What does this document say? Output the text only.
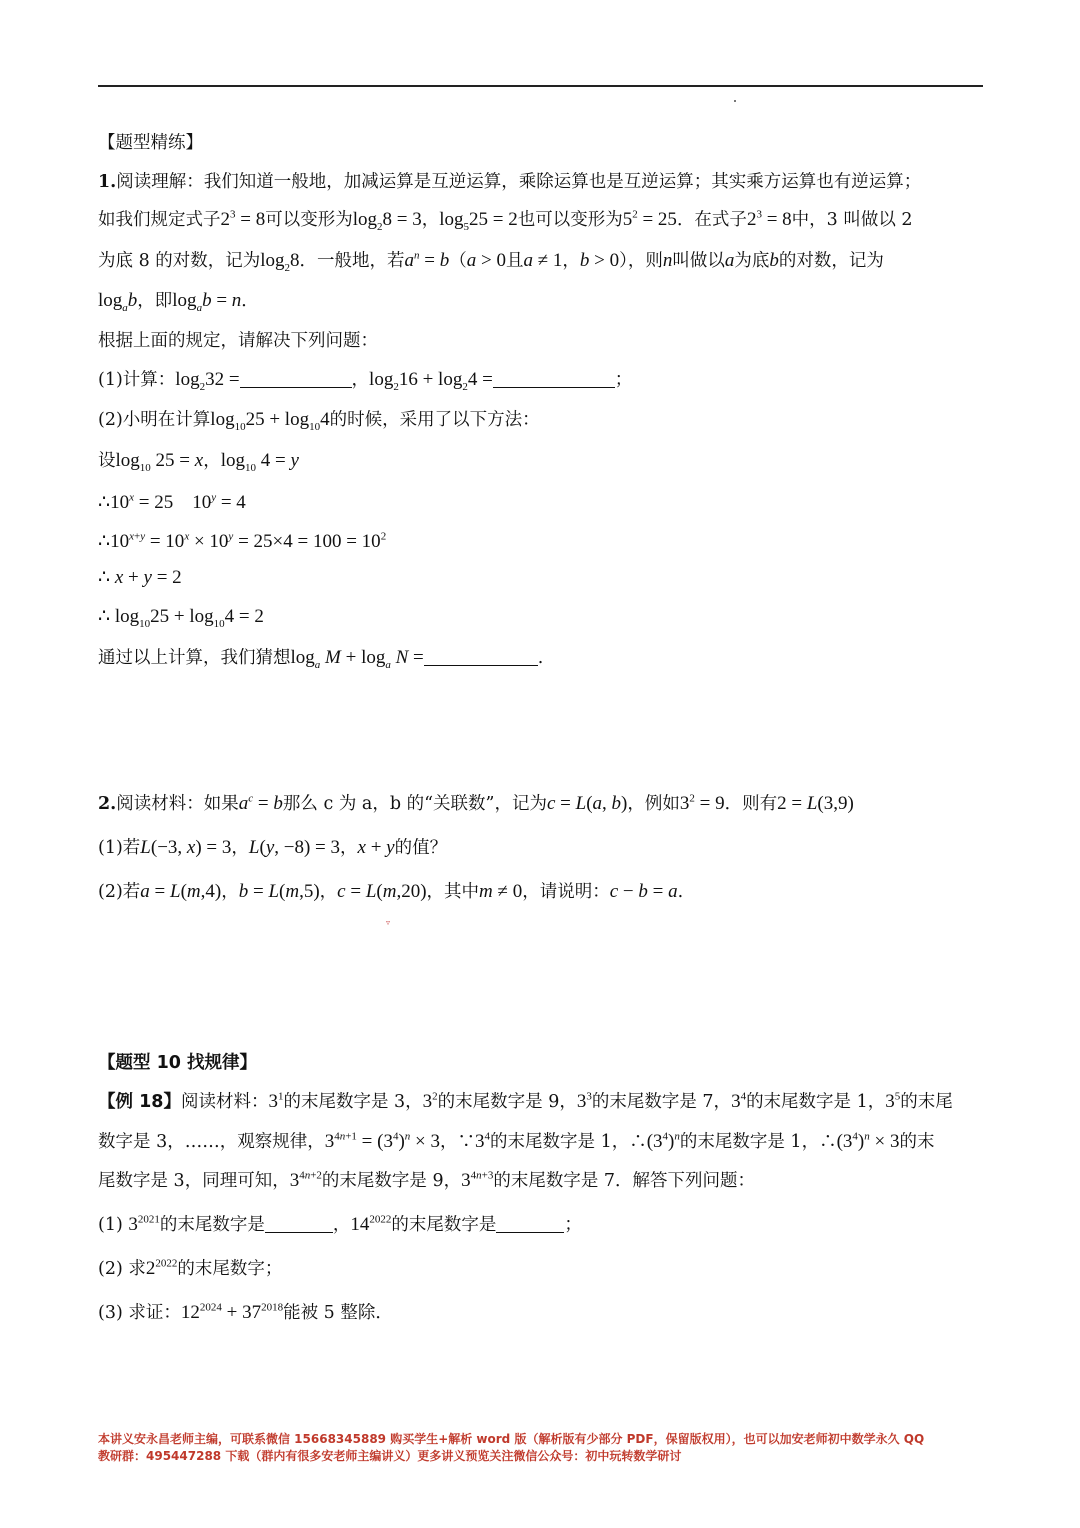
【题型精练】
1.阅读理解：我们知道一般地，加减运算是互逆运算，乘除运算也是互逆运算；其实乘方运算也有逆运算；
如我们规定式子$2^3 = 8$可以变形为$\log_28 = 3$，$\log_525 = 2$也可以变形为$5^2 = 25$．在式子$2^3 = 8$中，3 叫做以 2
为底 8 的对数，记为$\log_28$．一般地，若$a^n = b(a > 0$且a ≠ 1，b > 0），则n叫做以a为底b的对数，记为
$\log_ab$，即$\log_ab = n$．
根据上面的规定，请解决下列问题：
(1)计算：$\log_232$ =	，$\log_216 + \log_24$ =	；
(2)小明在计算$\log_{10}25 + \log_{10}4$的时候，采用了以下方法：
设$\log_{10} 25 = x$，$\log_{10} 4 = y$
$\therefore 10^x = 25$    $10^y = 4$
$\therefore 10^{x+y} = 10^x \times 10^y = 25\times 4 = 100 = 10^2$
∴ x + y = 2
∴ $\log_{10}25 + \log_{10}4 = 2$
通过以上计算，我们猜想$\log_a M + \log_a N$ =	.
2.阅读材料：如果$a^c = b$那么 c 为 a，b 的“关联数”，记为c = L(a, b)，例如$3^2 = 9$．则有2 = L(3,9)
(1)若L(−3, x) = 3，L(y, −8) = 3，x + y的值？
(2)若a = L(m,4)，b = L(m,5)，c = L(m,20)，其中m ≠ 0，请说明：c − b = a.
▿
【题型 10 找规律】
【例 18】阅读材料：$3^1$的末尾数字是 3，$3^2$的末尾数字是 9，$3^3$的末尾数字是 7，$3^4$的末尾数字是 1，$3^5$的末尾
数字是 3，……，观察规律，$3^{4n+1} = (3^4)^n \times 3$，$\because 3^4$的末尾数字是 1，$\therefore(3^4)^n$的末尾数字是 1，$\therefore(3^4)^n \times 3$的末
尾数字是 3，同理可知，$3^{4n+2}$的末尾数字是 9，$3^{4n+3}$的末尾数字是 7．解答下列问题：
(1) $3^{2021}$的末尾数字是	，$14^{2022}$的末尾数字是	；
(2) 求$2^{2022}$的末尾数字；
(3) 求证：$12^{2024} + 37^{2018}$能被 5 整除．
本讲义安永昌老师主编，可联系微信 15668345889 购买学生+解析 word 版（解析版有少部分 PDF，保留版权用），也可以加安老师初中数学永久 QQ
教研群：495447288 下载（群内有很多安老师主编讲义）更多讲义预览关注微信公众号：初中玩转数学研讨
